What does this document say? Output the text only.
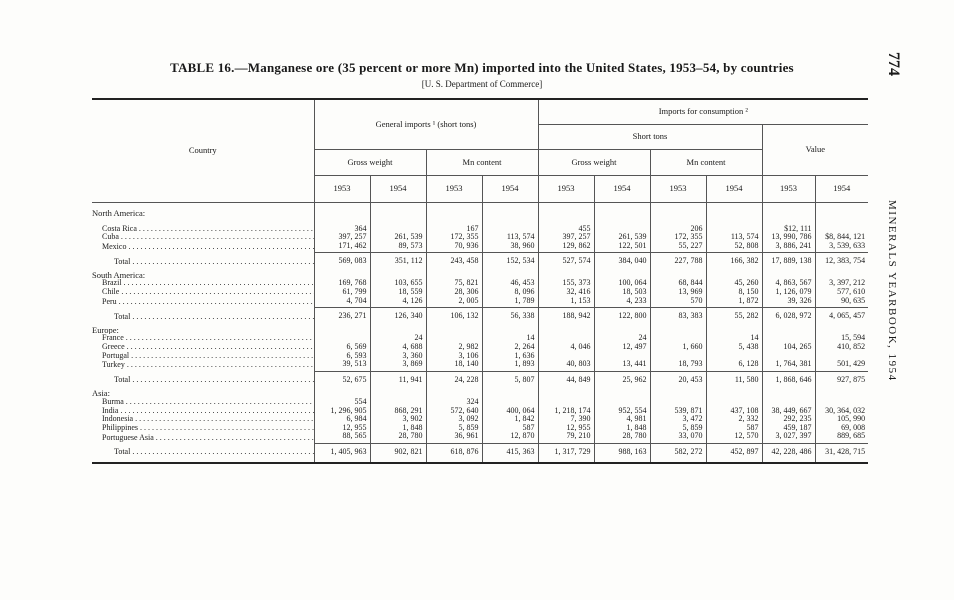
TABLE 16.—Manganese ore (35 percent or more Mn) imported into the United States, 1953–54, by countries
[U. S. Department of Commerce]
774
MINERALS YEARBOOK, 1954
Country	General imports ¹ (short tons)				Imports for consumption ²					
					Short tons				Value	
	Gross weight		Mn content		Gross weight		Mn content			
	1953	1954	1953	1954	1953	1954	1953	1954	1953	1954
North America:										
Costa Rica . . .	364		167		455		206		$12, 111	
Cuba . . .	397, 257	261, 539	172, 355	113, 574	397, 257	261, 539	172, 355	113, 574	13, 990, 786	$8, 844, 121
Mexico . . .	171, 462	89, 573	70, 936	38, 960	129, 862	122, 501	55, 227	52, 808	3, 886, 241	3, 539, 633
Total . . .	569, 083	351, 112	243, 458	152, 534	527, 574	384, 040	227, 788	166, 382	17, 889, 138	12, 383, 754
South America:										
Brazil . . .	169, 768	103, 655	75, 821	46, 453	155, 373	100, 064	68, 844	45, 260	4, 863, 567	3, 397, 212
Chile . . .	61, 799	18, 559	28, 306	8, 096	32, 416	18, 503	13, 969	8, 150	1, 126, 079	577, 610
Peru . . .	4, 704	4, 126	2, 005	1, 789	1, 153	4, 233	570	1, 872	39, 326	90, 635
Total . . .	236, 271	126, 340	106, 132	56, 338	188, 942	122, 800	83, 383	55, 282	6, 028, 972	4, 065, 457
Europe:										
France . . .		24		14		24		14		15, 594
Greece . . .	6, 569	4, 688	2, 982	2, 264	4, 046	12, 497	1, 660	5, 438	104, 265	410, 852
Portugal . . .	6, 593	3, 360	3, 106	1, 636						
Turkey . . .	39, 513	3, 869	18, 140	1, 893	40, 803	13, 441	18, 793	6, 128	1, 764, 381	501, 429
Total . . .	52, 675	11, 941	24, 228	5, 807	44, 849	25, 962	20, 453	11, 580	1, 868, 646	927, 875
Asia:										
Burma . . .	554		324							
India . . .	1, 296, 905	868, 291	572, 640	400, 064	1, 218, 174	952, 554	539, 871	437, 108	38, 449, 667	30, 364, 032
Indonesia . . .	6, 984	3, 902	3, 092	1, 842	7, 390	4, 981	3, 472	2, 332	292, 235	105, 990
Philippines . . .	12, 955	1, 848	5, 859	587	12, 955	1, 848	5, 859	587	459, 187	69, 008
Portuguese Asia . . .	88, 565	28, 780	36, 961	12, 870	79, 210	28, 780	33, 070	12, 570	3, 027, 397	889, 685
Total . . .	1, 405, 963	902, 821	618, 876	415, 363	1, 317, 729	988, 163	582, 272	452, 897	42, 228, 486	31, 428, 715
